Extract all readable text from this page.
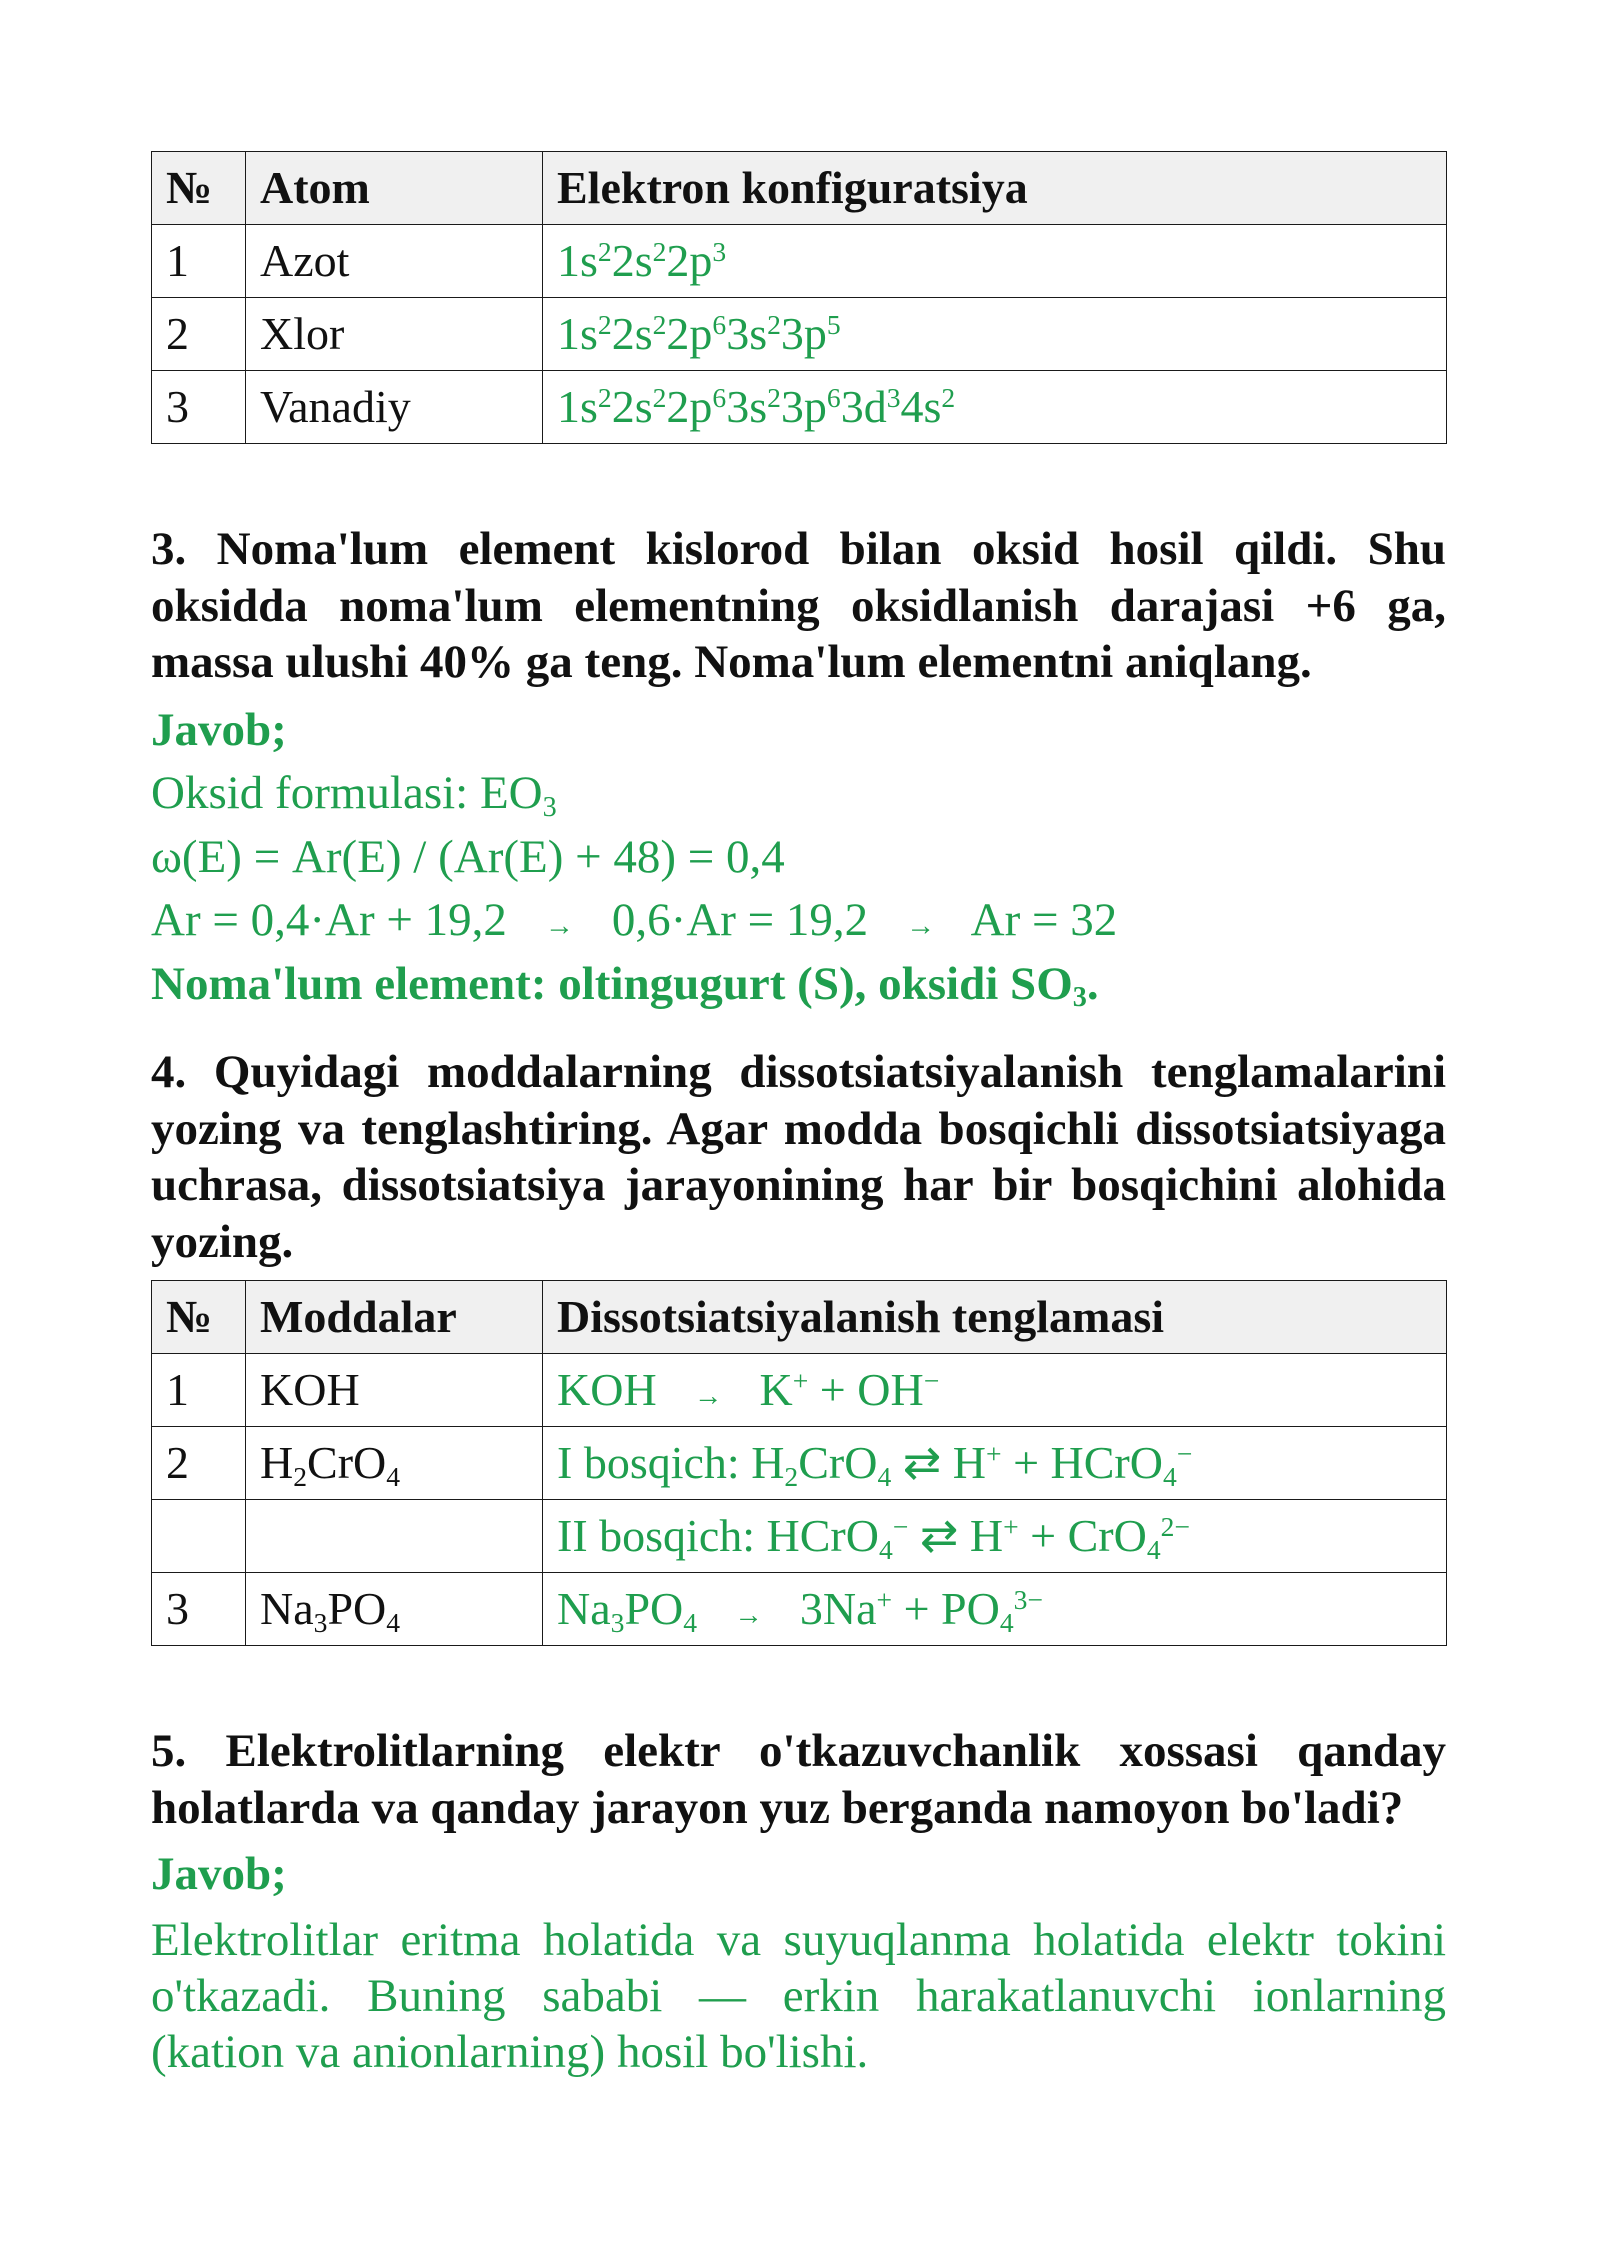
№	Atom	Elektron konfiguratsiya
1	Azot	$1s^22s^22p^3$
2	Xlor	$1s^22s^22p^63s^23p^5$
3	Vanadiy	$1s^22s^22p^63s^23p^63d^34s^2$
3. Noma'lum element kislorod bilan oksid hosil qildi. Shu
oksidda noma'lum elementning oksidlanish darajasi +6 ga,
massa ulushi 40% ga teng. Noma'lum elementni aniqlang.
Javob;
Oksid formulasi: EO3
ω(E) = Ar(E) / (Ar(E) + 48) = 0,4
Ar = 0,4·Ar + 19,2 → 0,6·Ar = 19,2 → Ar = 32
Noma'lum element: oltingugurt (S), oksidi SO3.
4. Quyidagi moddalarning dissotsiatsiyalanish tenglamalarini
yozing va tenglashtiring. Agar modda bosqichli dissotsiatsiyaga
uchrasa, dissotsiatsiya jarayonining har bir bosqichini alohida
yozing.
№	Moddalar	Dissotsiatsiyalanish tenglamasi
1	KOH	KOH → K+ + OH−
2	H2CrO4	I bosqich: H2CrO4 ⇄ H+ + HCrO4−
		II bosqich: HCrO4− ⇄ $H^+ + CrO4^{2-}$
3	Na3PO4	$Na3PO4 \to 3Na^+ + PO4^{3-}$
5. Elektrolitlarning elektr o'tkazuvchanlik xossasi qanday
holatlarda va qanday jarayon yuz berganda namoyon bo'ladi?
Javob;
Elektrolitlar eritma holatida va suyuqlanma holatida elektr tokini
o'tkazadi. Buning sababi — erkin harakatlanuvchi ionlarning
(kation va anionlarning) hosil bo'lishi.
